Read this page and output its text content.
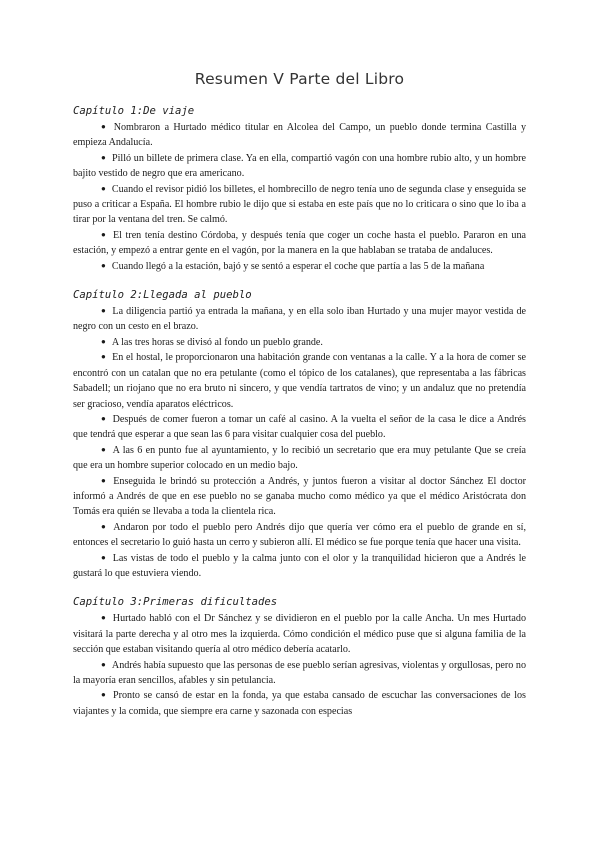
Resumen V Parte del Libro
Capítulo 1:De viaje
● Nombraron a Hurtado médico titular en Alcolea del Campo, un pueblo donde termina Castilla y empieza Andalucía.
● Pilló un billete de primera clase. Ya en ella, compartió vagón con una hombre rubio alto, y un hombre bajito vestido de negro que era americano.
● Cuando el revisor pidió los billetes, el hombrecillo de negro tenía uno de segunda clase y enseguida se puso a criticar a España. El hombre rubio le dijo que si estaba en este país que no lo criticara o sino que lo iba a tirar por la ventana del tren. Se calmó.
● El tren tenía destino Córdoba, y después tenía que coger un coche hasta el pueblo. Pararon en una estación, y empezó a entrar gente en el vagón, por la manera en la que hablaban se trataba de andaluces.
● Cuando llegó a la estación, bajó y se sentó a esperar el coche que partía a las 5 de la mañana
Capítulo 2:Llegada al pueblo
● La diligencia partió ya entrada la mañana, y en ella solo iban Hurtado y una mujer mayor vestida de negro con un cesto en el brazo.
● A las tres horas se divisó al fondo un pueblo grande.
● En el hostal, le proporcionaron una habitación grande con ventanas a la calle. Y a la hora de comer se encontró con un catalan que no era petulante (como el tópico de los catalanes), que representaba a las fábricas Sabadell; un riojano que no era bruto ni sincero, y que vendía tartratos de vino; y un andaluz que no pretendía ser gracioso, vendía aparatos eléctricos.
● Después de comer fueron a tomar un café al casino. A la vuelta el señor de la casa le dice a Andrés que tendrá que esperar a que sean las 6 para visitar cualquier cosa del pueblo.
● A las 6 en punto fue al ayuntamiento, y lo recibió un secretario que era muy petulante Que se creía que era un hombre superior colocado en un medio bajo.
● Enseguida le brindó su protección a Andrés, y juntos fueron a visitar al doctor Sánchez El doctor informó a Andrés de que en ese pueblo no se ganaba mucho como médico ya que el médico Aristócrata don Tomás era quién se llevaba a toda la clientela rica.
● Andaron por todo el pueblo pero Andrés dijo que quería ver cómo era el pueblo de grande en sí, entonces el secretario lo guió hasta un cerro y subieron allí. El médico se fue porque tenía que hacer una visita.
● Las vistas de todo el pueblo y la calma junto con el olor y la tranquilidad hicieron que a Andrés le gustará lo que estuviera viendo.
Capítulo 3:Primeras dificultades
● Hurtado habló con el Dr Sánchez y se dividieron en el pueblo por la calle Ancha. Un mes Hurtado visitará la parte derecha y al otro mes la izquierda. Cómo condición el médico puse que si alguna familia de la sección que estaban visitando quería al otro médico debería acatarlo.
● Andrés había supuesto que las personas de ese pueblo serían agresivas, violentas y orgullosas, pero no la mayoría eran sencillos, afables y sin petulancia.
● Pronto se cansó de estar en la fonda, ya que estaba cansado de escuchar las conversaciones de los viajantes y la comida, que siempre era carne y sazonada con especias
